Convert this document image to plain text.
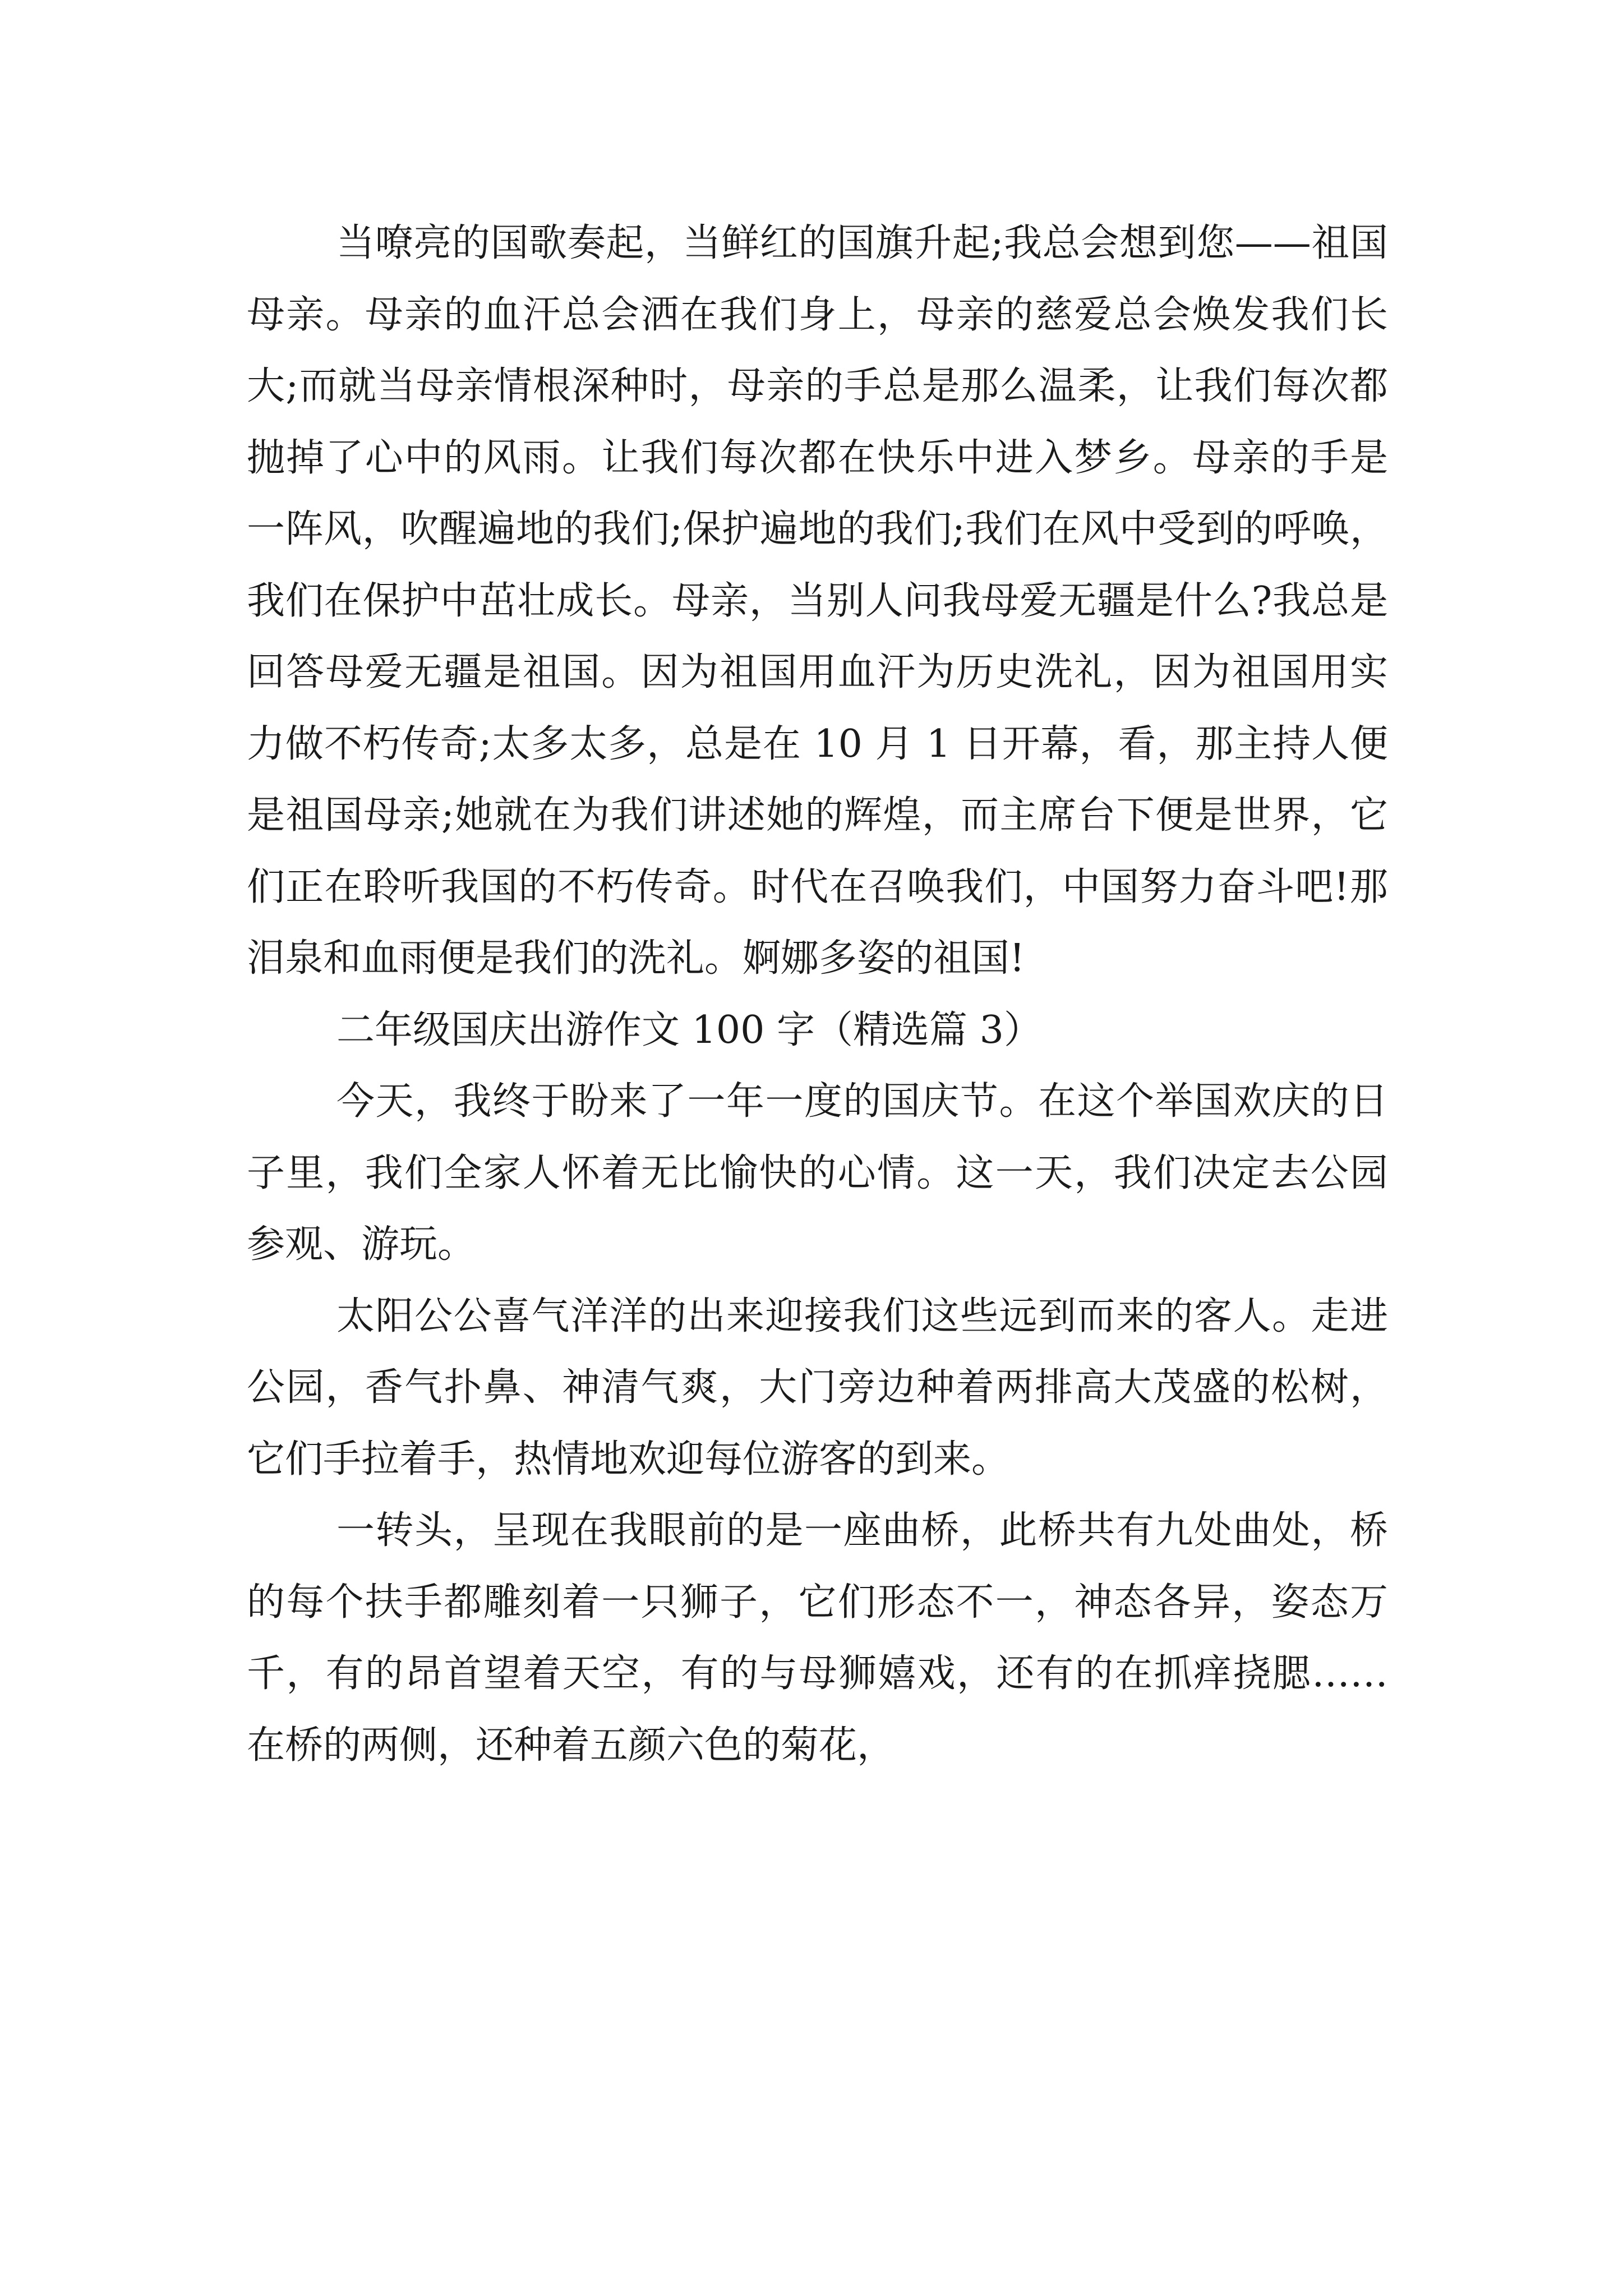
当嘹亮的国歌奏起，当鲜红的国旗升起;我总会想到您——祖国母亲。母亲的血汗总会洒在我们身上，母亲的慈爱总会焕发我们长大;而就当母亲情根深种时，母亲的手总是那么温柔，让我们每次都抛掉了心中的风雨。让我们每次都在快乐中进入梦乡。母亲的手是一阵风，吹醒遍地的我们;保护遍地的我们;我们在风中受到的呼唤，我们在保护中茁壮成长。母亲，当别人问我母爱无疆是什么?我总是回答母爱无疆是祖国。因为祖国用血汗为历史洗礼，因为祖国用实力做不朽传奇;太多太多，总是在 10 月 1 日开幕，看，那主持人便是祖国母亲;她就在为我们讲述她的辉煌，而主席台下便是世界，它们正在聆听我国的不朽传奇。时代在召唤我们，中国努力奋斗吧!那泪泉和血雨便是我们的洗礼。婀娜多姿的祖国!

二年级国庆出游作文 100 字（精选篇 3）

今天，我终于盼来了一年一度的国庆节。在这个举国欢庆的日子里，我们全家人怀着无比愉快的心情。这一天，我们决定去公园参观、游玩。

太阳公公喜气洋洋的出来迎接我们这些远到而来的客人。走进公园，香气扑鼻、神清气爽，大门旁边种着两排高大茂盛的松树，它们手拉着手，热情地欢迎每位游客的到来。

一转头，呈现在我眼前的是一座曲桥，此桥共有九处曲处，桥的每个扶手都雕刻着一只狮子，它们形态不一，神态各异，姿态万千，有的昂首望着天空，有的与母狮嬉戏，还有的在抓痒挠腮……在桥的两侧，还种着五颜六色的菊花，
